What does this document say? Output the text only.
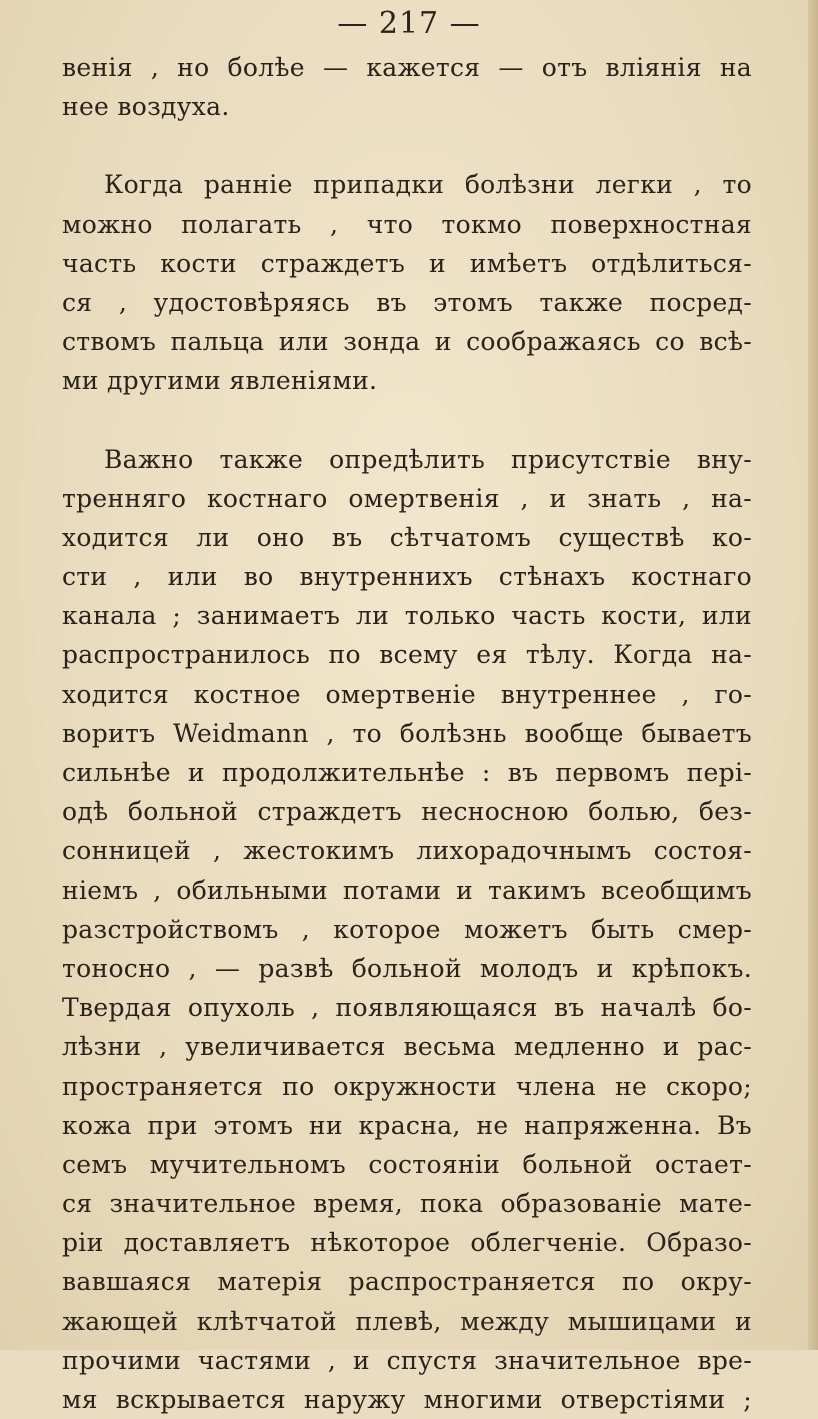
— 217 —
венія , но болѣе — кажется — отъ вліянія на
нее воздуха.
Когда ранніе припадки болѣзни легки , то
можно полагать , что токмо поверхностная
часть кости страждетъ и имѣетъ отдѣлиться-
ся , удостовѣряясь въ этомъ также посред-
ствомъ пальца или зонда и соображаясь со всѣ-
ми другими явленіями.
Важно также опредѣлить присутствіе вну-
тренняго костнаго омертвенія , и знать , на-
ходится ли оно въ сѣтчатомъ существѣ ко-
сти , или во внутреннихъ стѣнахъ костнаго
канала ; занимаетъ ли только часть кости, или
распространилось по всему ея тѣлу. Когда на-
ходится костное омертвеніе внутреннее , го-
воритъ Weidmann , то болѣзнь вообще бываетъ
сильнѣе и продолжительнѣе : въ первомъ пері-
одѣ больной страждетъ несносною болью, без-
сонницей , жестокимъ лихорадочнымъ состоя-
ніемъ , обильными потами и такимъ всеобщимъ
разстройствомъ , которое можетъ быть смер-
тоносно , — развѣ больной молодъ и крѣпокъ.
Твердая опухоль , появляющаяся въ началѣ бо-
лѣзни , увеличивается весьма медленно и рас-
пространяется по окружности члена не скоро;
кожа при этомъ ни красна, не напряженна. Въ
семъ мучительномъ состояніи больной остает-
ся значительное время, пока образованіе мате-
ріи доставляетъ нѣкоторое облегченіе. Образо-
вавшаяся матерія распространяется по окру-
жающей клѣтчатой плевѣ, между мышицами и
прочими частями , и спустя значительное вре-
мя вскрывается наружу многими отверстіями ;
